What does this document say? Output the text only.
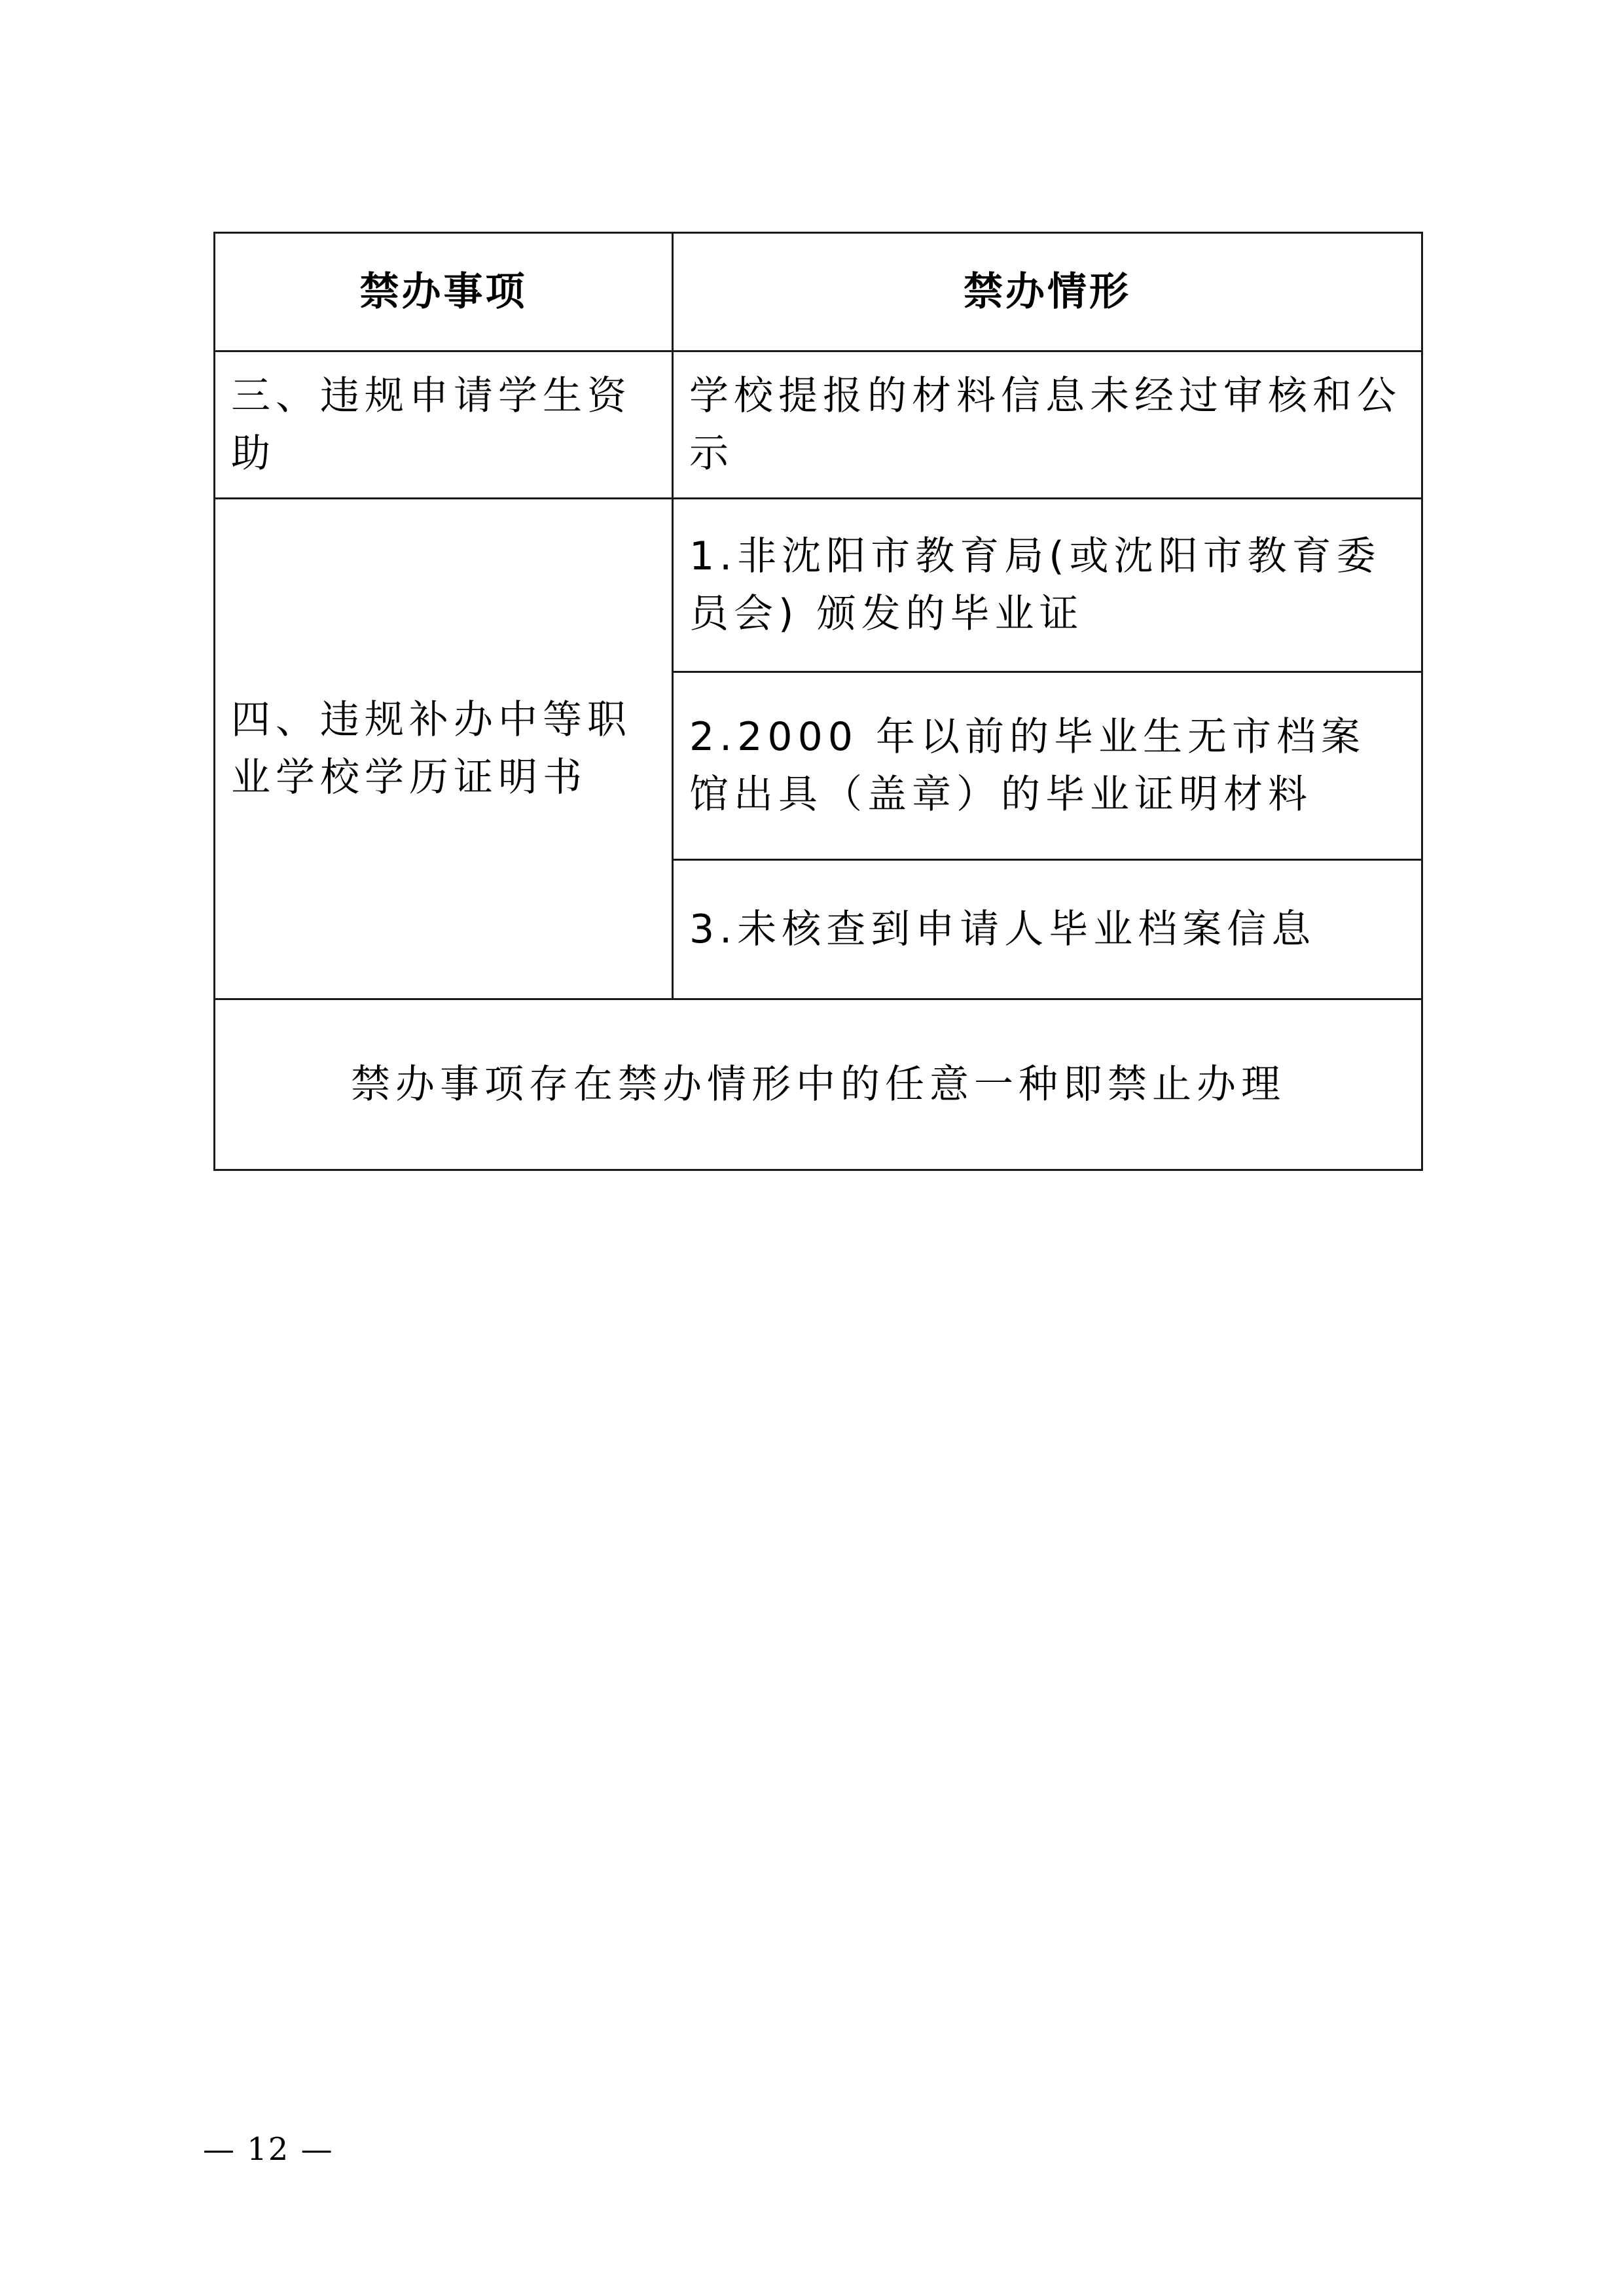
禁办事项	禁办情形
三、违规申请学生资助	学校提报的材料信息未经过审核和公示
四、违规补办中等职业学校学历证明书	1.非沈阳市教育局(或沈阳市教育委员会) 颁发的毕业证
	2.2000 年以前的毕业生无市档案馆出具（盖章）的毕业证明材料
	3.未核查到申请人毕业档案信息
禁办事项存在禁办情形中的任意一种即禁止办理	
— 12 —
